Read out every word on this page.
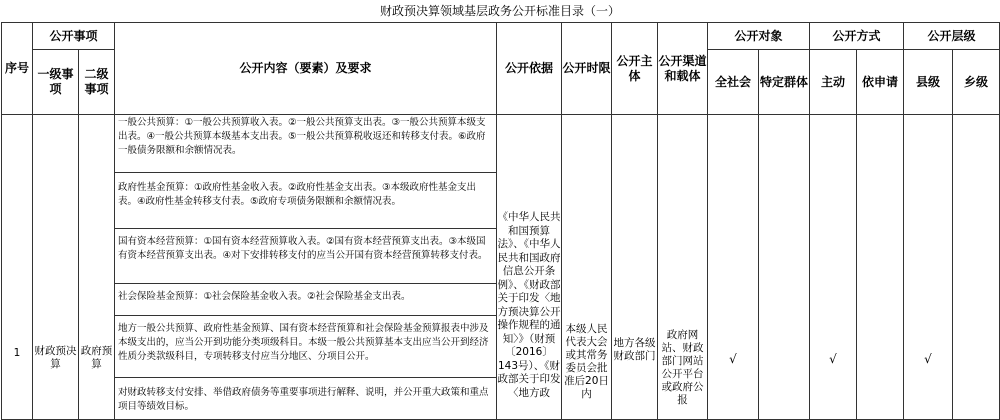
财政预决算领域基层政务公开标准目录（一）
序号	公开事项		公开内容（要素）及要求	公开依据	公开时限	公开主体	公开渠道和载体	公开对象		公开方式		公开层级	
	一级事项	二级事项						全社会	特定群体	主动	依申请	县级	乡级
1	财政预决算	政府预算	一般公共预算：①一般公共预算收入表。②一般公共预算支出表。③一般公共预算本级支出表。④一般公共预算本级基本支出表。⑤一般公共预算税收返还和转移支付表。⑥政府一般债务限额和余额情况表。	《中华人民共和国预算法》、《中华人民共和国政府信息公开条例》、《财政部关于印发〈地方预决算公开操作规程的通知〉》（财预〔2016〕143号）、《财政部关于印发〈地方政	本级人民代表大会或其常务委员会批准后20日内	地方各级财政部门	政府网站、财政部门网站公开平台或政府公报	√		√		√	
			政府性基金预算：①政府性基金收入表。②政府性基金支出表。③本级政府性基金支出表。④政府性基金转移支付表。⑤政府专项债务限额和余额情况表。										
			国有资本经营预算：①国有资本经营预算收入表。②国有资本经营预算支出表。③本级国有资本经营预算支出表。④对下安排转移支付的应当公开国有资本经营预算转移支付表。										
			社会保险基金预算：①社会保险基金收入表。②社会保险基金支出表。										
			地方一般公共预算、政府性基金预算、国有资本经营预算和社会保险基金预算报表中涉及本级支出的，应当公开到功能分类项级科目。本级一般公共预算基本支出应当公开到经济性质分类款级科目，专项转移支付应当分地区、分项目公开。										
			对财政转移支付安排、举借政府债务等重要事项进行解释、说明，并公开重大政策和重点项目等绩效目标。										
